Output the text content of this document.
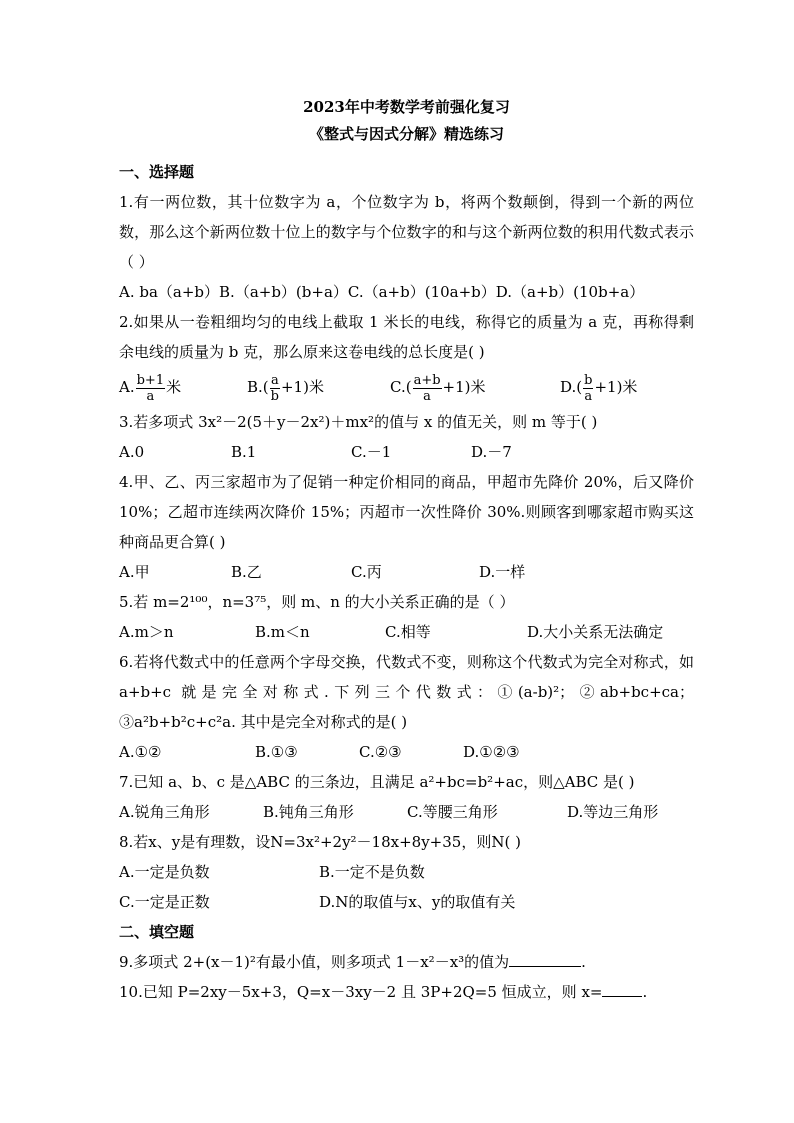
2023年中考数学考前强化复习
《整式与因式分解》精选练习
一、选择题
1.有一两位数，其十位数字为 a，个位数字为 b，将两个数颠倒，得到一个新的两位数，那么这个新两位数十位上的数字与个位数字的和与这个新两位数的积用代数式表示（ ）
A. ba（a+b）B.（a+b）(b+a）C.（a+b）(10a+b）D.（a+b）(10b+a）
2.如果从一卷粗细均匀的电线上截取 1 米长的电线，称得它的质量为 a 克，再称得剩余电线的质量为 b 克，那么原来这卷电线的总长度是( )
A. $\frac{b+1}{a}$ 米	$B.( \frac{a}{b} +1)$米	$C.( \frac{a+b}{a} +1)$米	$D.( \frac{b}{a} +1)$米
3.若多项式 3x²－2(5＋y－2x²)＋mx²的值与 x 的值无关，则 m 等于( )
A.0	B.1	C.－1	D.－7
4.甲、乙、丙三家超市为了促销一种定价相同的商品，甲超市先降价 20%，后又降价 10%；乙超市连续两次降价 15%；丙超市一次性降价 30%.则顾客到哪家超市购买这种商品更合算( )
A.甲	B.乙	C.丙	D.一样
5.若 m=2¹⁰⁰，n=3⁷⁵，则 m、n 的大小关系正确的是（ ）
A.m＞n	B.m＜n	C.相等	D.大小关系无法确定
6.若将代数式中的任意两个字母交换，代数式不变，则称这个代数式为完全对称式，如 a+b+c 就是完全对称式.下列三个代数式：①(a-b)²；②ab+bc+ca；③a²b+b²c+c²a. 其中是完全对称式的是( )
A.①②	B.①③	C.②③	D.①②③
7.已知 a、b、c 是△ABC 的三条边，且满足 a²+bc=b²+ac，则△ABC 是( )
A.锐角三角形	B.钝角三角形	C.等腰三角形	D.等边三角形
8.若x、y是有理数，设N=3x²+2y²－18x+8y+35，则N( )
A.一定是负数	B.一定不是负数
C.一定是正数	D.N的取值与x、y的取值有关
二、填空题
9.多项式 2+(x－1)²有最小值，则多项式 1－x²－x³的值为	.
10.已知 P=2xy－5x+3，Q=x－3xy－2 且 3P+2Q=5 恒成立，则 x=	.
